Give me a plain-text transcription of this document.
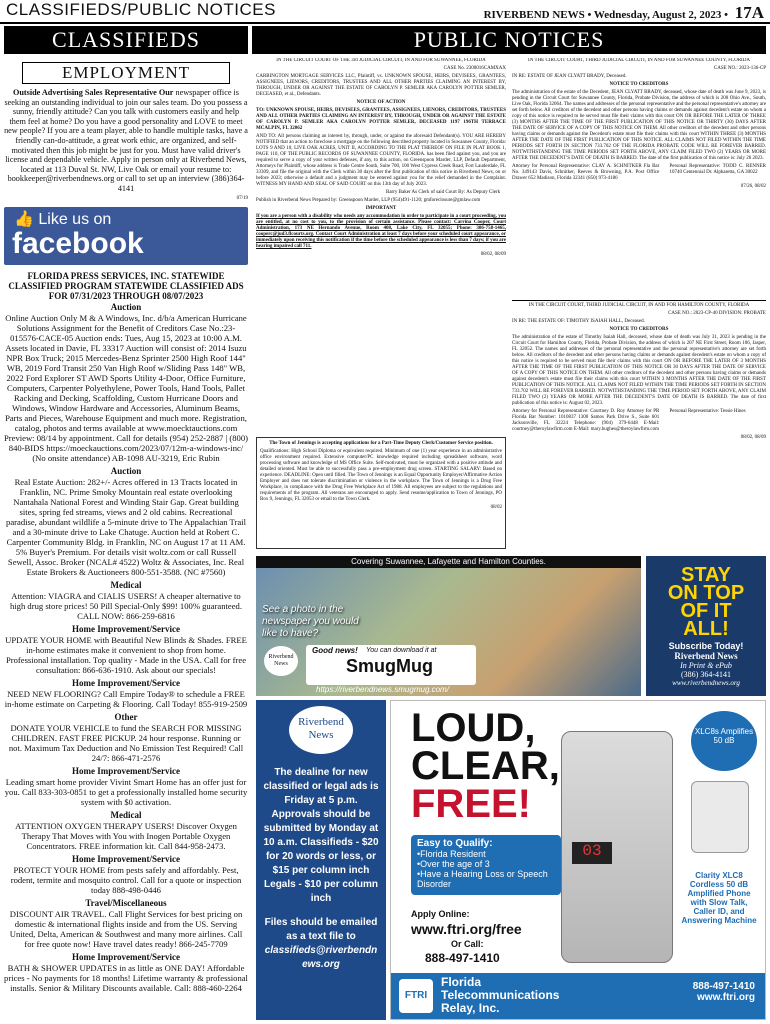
CLASSIFIEDS/PUBLIC NOTICES	RIVERBEND NEWS • Wednesday, August 2, 2023 • 17A
CLASSIFIEDS	PUBLIC NOTICES
EMPLOYMENT
Outside Advertising Sales Representative Our newspaper office is seeking an outstanding individual to join our sales team. Do you possess a sunny, friendly attitude? Can you talk with customers easily and help them feel at home? Do you have a good personality and LOVE to meet new people? If you are a team player, able to handle multiple tasks, have a friendly can-do-attitude, a great work ethic, are organized, and self-motivated then this job might be just for you. Must have valid driver's license and dependable vehicle. Apply in person only at Riverbend News, located at 113 Duval St. NW, Live Oak or email your resume to: bookkeeper@riverbendnews.org or call to set up an interview (386)364-4141
07/19
👍 Like us on
facebook

FLORIDA PRESS SERVICES, INC. STATEWIDE CLASSIFIED PROGRAM STATEWIDE CLASSIFIED ADS FOR 07/31/2023 THROUGH 08/07/2023

Auction

Online Auction Only M & A Windows, Inc. d/b/a American Hurricane Solutions Assignment for the Benefit of Creditors Case No.:23-015576-CACE-05 Auction ends: Tues, Aug 15, 2023 at 10:00 A.M. Assets located in Davie, FL 33317 Auction will consist of: 2014 Isuzu NPR Box Truck; 2015 Mercedes-Benz Sprinter 2500 High Roof 144" WB, 2019 Ford Transit 250 Van High Roof w/Sliding Pass 148" WB, 2022 Ford Explorer ST AWD Sports Utility 4-Door, Office Furniture, Computers, Carpenter Polyethylene, Power Tools, Hand Tools, Pallet Racking and Decking, Scaffolding, Custom Hurricane Doors and Windows, Window Hardware and Accessories, Aluminum Beams, Parts and Pieces, Warehouse Equipment and much more. Registration, catalog, photos and terms available at www.moecktauctions.com Preview: 08/14 by appointment. Call for details (954) 252-2887 | (800) 840-BIDS https://moeckauctions.com/2023/07/12m-a-windows-inc/ (No onsite attendance) AB-1098 AU-3219, Eric Rubin

Auction

Real Estate Auction: 282+/- Acres offered in 13 Tracts located in Franklin, NC. Prime Smoky Mountain real estate overlooking Nantahala National Forest and Winding Stair Gap. Great building sites, spring fed streams, views and 2 old cabins. Recreational paradise, abundant wildlife a 5-minute drive to The Appalachian Trail and a 30-minute drive to Lake Chatuge. Auction held at Robert C. Carpenter Community Bldg. in Franklin, NC on August 17 at 11 AM. 5% Buyer's Premium. For details visit woltz.com or call Russell Sewell, Assoc. Broker (NCAL# 4522) Woltz & Associates, Inc. Real Estate Brokers & Auctioneers 800-551-3588. (NC #7560)

Medical

Attention: VIAGRA and CIALIS USERS! A cheaper alternative to high drug store prices! 50 Pill Special-Only $99! 100% guaranteed. CALL NOW: 866-259-6816

Home Improvement/Service

UPDATE YOUR HOME with Beautiful New Blinds & Shades. FREE in-home estimates make it convenient to shop from home. Professional installation. Top quality - Made in the USA. Call for free consultation: 866-636-1910. Ask about our specials!

Home Improvement/Service

NEED NEW FLOORING? Call Empire Today® to schedule a FREE in-home estimate on Carpeting & Flooring. Call Today! 855-919-2509

Other

DONATE YOUR VEHICLE to fund the SEARCH FOR MISSING CHILDREN. FAST FREE PICKUP. 24 hour response. Running or not. Maximum Tax Deduction and No Emission Test Required! Call 24/7: 866-471-2576

Home Improvement/Service

Leading smart home provider Vivint Smart Home has an offer just for you. Call 833-303-0851 to get a professionally installed home security system with $0 activation.

Medical

ATTENTION OXYGEN THERAPY USERS! Discover Oxygen Therapy That Moves with You with Inogen Portable Oxygen Concentrators. FREE information kit. Call 844-958-2473.

Home Improvement/Service

PROTECT YOUR HOME from pests safely and affordably. Pest, rodent, termite and mosquito control. Call for a quote or inspection today 888-498-0446

Travel/Miscellaneous

DISCOUNT AIR TRAVEL. Call Flight Services for best pricing on domestic & international flights inside and from the US. Serving United, Delta, American & Southwest and many more airlines. Call for free quote now! Have travel dates ready! 866-245-7709

Home Improvement/Service

BATH & SHOWER UPDATES in as little as ONE DAY! Affordable prices - No payments for 18 months! Lifetime warranty & professional installs. Senior & Military Discounts available. Call: 888-460-2264

IN THE CIRCUIT COURT OF THE 3rd JUDICIAL CIRCUIT, IN AND FOR SUWANNEE, FLORIDA

CASE No. 2300016CAMXAX

CARRINGTON MORTGAGE SERVICES LLC, Plaintiff, vs. UNKNOWN SPOUSE, HEIRS, DEVISEES, GRANTEES, ASSIGNEES, LIENORS, CREDITORS, TRUSTEES AND ALL OTHER PARTIES CLAIMING AN INTEREST BY, THROUGH, UNDER OR AGAINST THE ESTATE OF CAROLYN P. SEMLER AKA CAROLYN POTTER SEMLER, DECEASED, et al., Defendants.

NOTICE OF ACTION

TO: UNKNOWN SPOUSE, HEIRS, DEVISEES, GRANTEES, ASSIGNEES, LIENORS, CREDITORS, TRUSTEES AND ALL OTHER PARTIES CLAIMING AN INTEREST BY, THROUGH, UNDER OR AGAINST THE ESTATE OF CAROLYN P. SEMLER AKA CAROLYN POTTER SEMLER, DECEASED 1197 196TH TERRACE MCALPIN, FL 32062

AND TO: All persons claiming an interest by, through, under, or against the aforesaid Defendant(s). YOU ARE HEREBY NOTIFIED that an action to foreclose a mortgage on the following described property located in Suwannee County, Florida: LOTS 9 AND 10, LIVE OAK ACRES, UNIT II, ACCORDING TO THE PLAT THEREOF ON FILE IN PLAT BOOK 1, PAGE 110, OF THE PUBLIC RECORDS OF SUWANNEE COUNTY, FLORIDA. has been filed against you, and you are required to serve a copy of your written defenses, if any, to this action, on Greenspoon Marder, LLP, Default Department, Attorneys for Plaintiff, whose address is Trade Centre South, Suite 700, 100 West Cypress Creek Road, Fort Lauderdale, FL 33309, and file the original with the Clerk within 30 days after the first publication of this notice in Riverbend News, on or before 2023; otherwise a default and a judgment may be entered against you for the relief demanded in the Complaint. WITNESS MY HAND AND SEAL OF SAID COURT on this 13th day of July 2023.

Barry Baker As Clerk of said Court By: As Deputy Clerk

Publish in Riverbend News Prepared by: Greenspoon Marder, LLP (954)491-1120; gmforeclosure@gmlaw.com

IMPORTANT

If you are a person with a disability who needs any accommodation in order to participate in a court proceeding, you are entitled, at no cost to you, to the provision of certain assistance. Please contact: Carrina Cooper, Court Administration, 173 NE Hernando Avenue, Room 408, Lake City, FL 32055; Phone: 386-758-1465, cooperc@jud3.flcourts.org. Contact Court Administration at least 7 days before your scheduled court appearance, or immediately upon receiving this notification if the time before the scheduled appearance is less than 7 days; if you are hearing impaired call 711.

08/02, 08/09

The Town of Jennings is accepting applications for a Part-Time Deputy Clerk/Customer Service position.

Qualifications: High School Diploma or equivalent required. Minimum of one (1) year experience in an administrative office environment required. Extensive computer/PC knowledge required including spreadsheet software, word processing software and knowledge of MS Office Suite. Self-motivated, must be organized with a positive attitude and detailed oriented. Must be able to successfully pass a pre-employment drug screen. STARTING SALARY: Based on experience. DEADLINE: Open until filled. The Town of Jennings is an Equal Opportunity Employer/Affirmative Action Employer and does not tolerate discrimination or violence in the workplace. The Town of Jennings is a Drug Free Workplace, in compliance with the Drug Free Workplace Act of 1988. All employees are subject to the regulations and requirements of the program. All veterans are encouraged to apply. Send resume/application to Town of Jennings, PO Box 9, Jennings, FL 32053 or email to the Town Clerk.

08/02

IN THE CIRCUIT COURT, THIRD JUDICIAL CIRCUIT, IN AND FOR SUWANNEE COUNTY, FLORIDA

CASE NO.: 2023-136-CP

IN RE: ESTATE OF JEAN CLYATT BRADY, Deceased.

NOTICE TO CREDITORS

The administration of the estate of the Decedent, JEAN CLYATT BRADY, deceased, whose date of death was June 9, 2023, is pending in the Circuit Court for Suwannee County, Florida, Probate Division, the address of which is 200 Ohio Ave., South, Live Oak, Florida 32064. The names and addresses of the personal representative and the personal representative's attorney are set forth below. All creditors of the decedent and other persons having claims or demands against decedent's estate on whom a copy of this notice is required to be served must file their claims with this court ON OR BEFORE THE LATER OF THREE (3) MONTHS AFTER THE TIME OF THE FIRST PUBLICATION OF THIS NOTICE OR THIRTY (30) DAYS AFTER THE DATE OF SERVICE OF A COPY OF THIS NOTICE ON THEM. All other creditors of the decedent and other persons having claims or demands against the Decedent's estate must file their claims with this court WITHIN THREE (3) MONTHS AFTER THE DATE OF THE FIRST PUBLICATION OF THIS NOTICE. ALL CLAIMS NOT FILED WITHIN THE TIME PERIODS SET FORTH IN SECTION 733.702 OF THE FLORIDA PROBATE CODE WILL BE FOREVER BARRED. NOTWITHSTANDING THE TIME PERIODS SET FORTH ABOVE, ANY CLAIM FILED TWO (2) YEARS OR MORE AFTER THE DECEDENT'S DATE OF DEATH IS BARRED. The date of the first publication of this notice is: July 26 2023.

Attorney for Personal Representative: CLAY A. SCHNITKER Fla Bar No. 349143 Davis, Schnitker, Reeves & Browning, P.A. Post Office Drawer 652 Madison, Florida 32341 (850) 973-4186

Personal Representative: TODD C. RENNER 10740 Centennial Dr. Alpharetta, GA 30022

07/26, 08/02

IN THE CIRCUIT COURT, THIRD JUDICIAL CIRCUIT, IN AND FOR HAMILTON COUNTY, FLORIDA

CASE NO.: 2023-CP-40 DIVISION: PROBATE

IN RE: THE ESTATE OF: TIMOTHY ISAIAH HALL, Deceased.

NOTICE TO CREDITORS

The administration of the estate of Timothy Isaiah Hall, deceased, whose date of death was July 31, 2023 is pending in the Circuit Court for Hamilton County, Florida, Probate Division, the address of which is 207 NE First Street, Room 106, Jasper, FL 32052. The names and addresses of the personal representative and the personal representative's attorney are set forth below. All creditors of the decedent and other persons having claims or demands against decedent's estate on whom a copy of this notice is required to be served must file their claims with this court ON OR BEFORE THE LATER OF 3 MONTHS AFTER THE TIME OF THE FIRST PUBLICATION OF THIS NOTICE OR 30 DAYS AFTER THE DATE OF SERVICE OF A COPY OF THIS NOTICE ON THEM. All other creditors of the decedent and other persons having claims or demands against decedent's estate must file their claims with this court WITHIN 3 MONTHS AFTER THE DATE OF THE FIRST PUBLICATION OF THIS NOTICE. ALL CLAIMS NOT FILED WITHIN THE TIME PERIODS SET FORTH IN SECTION 733.702 WILL BE FOREVER BARRED. NOTWITHSTANDING THE TIME PERIOD SET FORTH ABOVE, ANY CLAIM FILED TWO (2) YEARS OR MORE AFTER THE DECEDENT'S DATE OF DEATH IS BARRED. The date of first publication of this notice is: August 02, 2023.

Attorney for Personal Representative: Courtney D. Roy Attorney for PR Florida Bar Number: 1010837 1300 Samos Park Drive S., Suite 601 Jacksonville, FL 32224 Telephone: (904) 379-6448 E-Mail: courtney@theroylawfirm.com E-Mail: mary.hughes@theroylawfirm.com

Personal Representative: Tessie Hines

08/02, 08/09

Covering Suwannee, Lafayette and Hamilton Counties.
See a photo in the newspaper you would like to have?
Riverbend
News
Good news! You can download it at
SmugMug
https://riverbendnews.smugmug.com/
STAY
ON TOP
OF IT
ALL!
Subscribe Today!
Riverbend News
In Print & ePub
(386) 364-4141
www.riverbendnews.org
Riverbend
News
The dealine for new classified or legal ads is Friday at 5 p.m. Approvals should be submitted by Monday at 10 a.m. Classifieds - $20 for 20 words or less, or $15 per column inch Legals - $10 per column inch
Files should be emailed as a text file to
classifieds@riverbendnews.org
LOUD,
CLEAR,
FREE!
Easy to Qualify:
•Florida Resident
•Over the age of 3
•Have a Hearing Loss or Speech Disorder
XLC8s Amplifies 50 dB
03
Apply Online:
www.ftri.org/free
Or Call:
888-497-1410
Clarity XLC8 Cordless 50 dB Amplified Phone with Slow Talk, Caller ID, and Answering Machine
FTRI
Florida
Telecommunications
Relay, Inc.
888-497-1410
www.ftri.org
